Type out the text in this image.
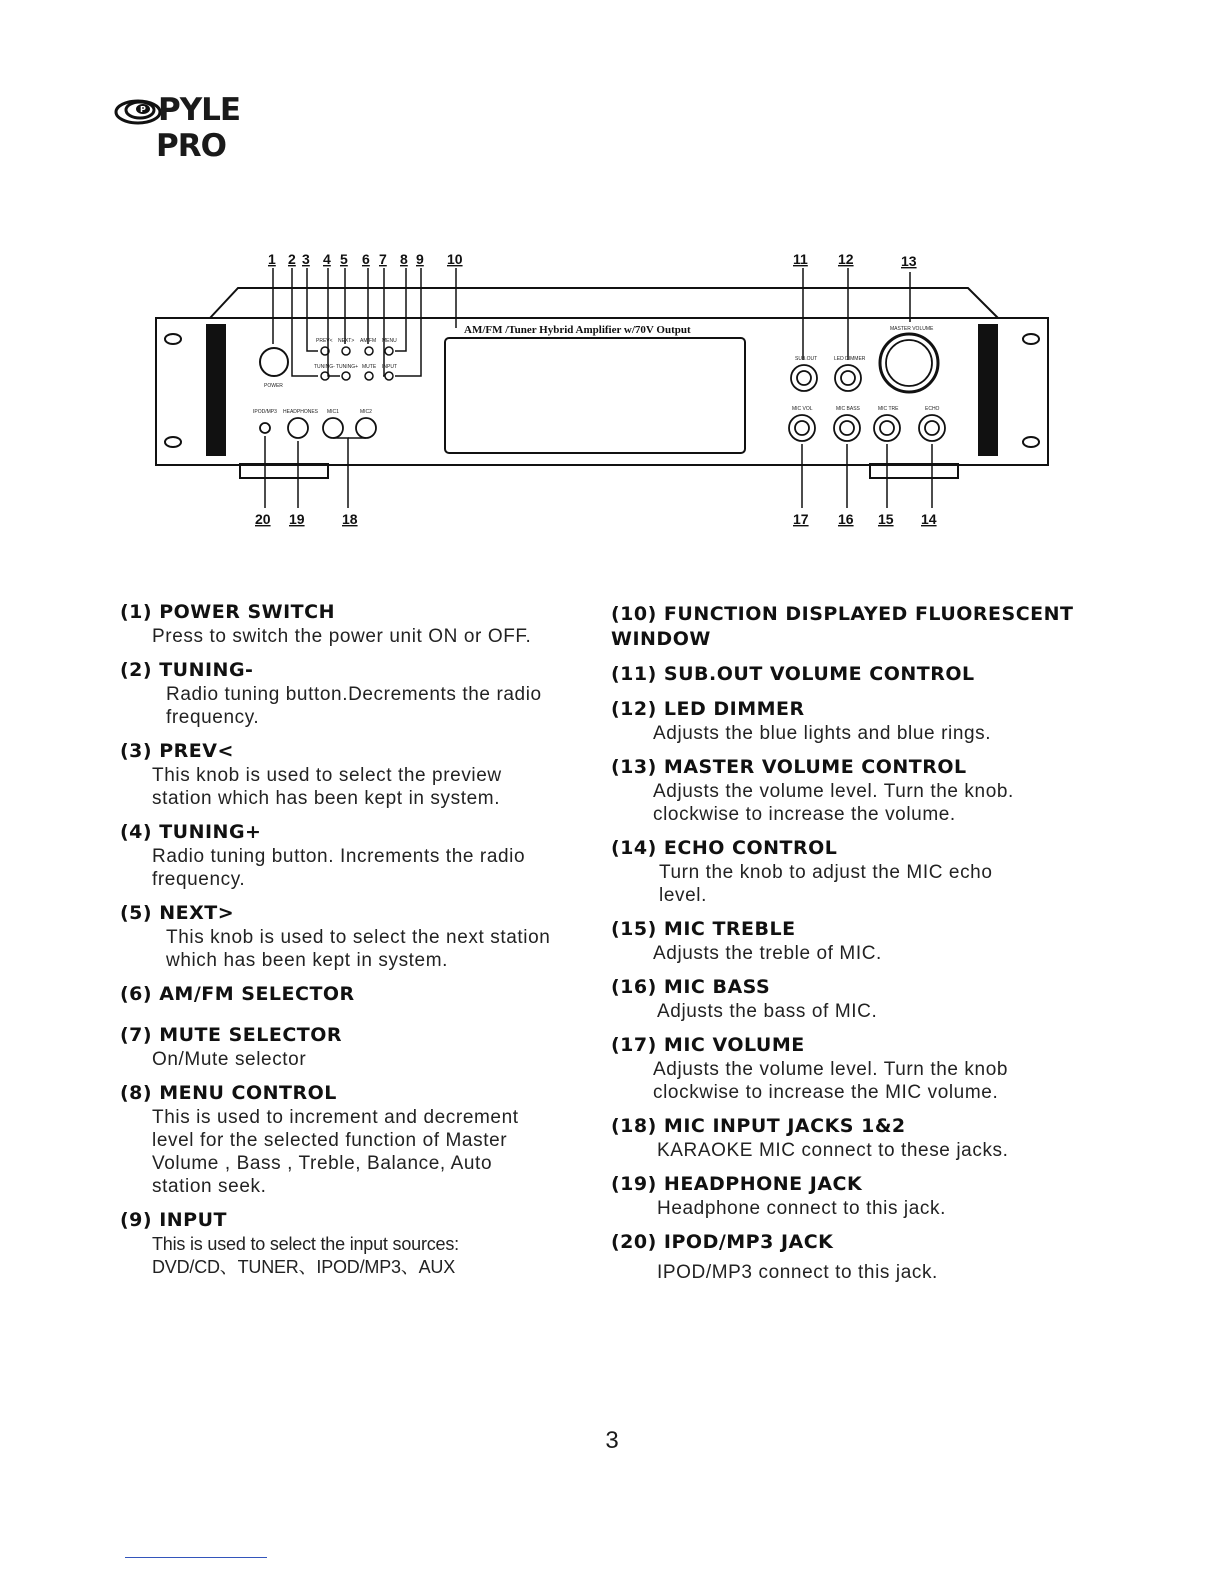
P PYLE
PRO
1 2 3 4 5 6 7 8 9 10	11 12	13
AM/FM /Tuner Hybrid Amplifier w/70V Output
POWER
PREV< NEXT> AM/FM MENU
TUNING- TUNING+ MUTE INPUT
IPOD/MP3 HEADPHONES MIC1	MIC2
SUB.OUT	LED DIMMER
MASTER VOLUME
MIC VOL	MIC BASS	MIC TRE	ECHO
20 19	18	17 16 15 14
(1) POWER SWITCH
Press to switch the power unit ON or OFF.
(2) TUNING-
Radio tuning button.Decrements the radio
frequency.
(3) PREV<
This knob is used to select the preview
station which has been kept in system.
(4) TUNING+
Radio tuning button. Increments the radio
frequency.
(5) NEXT>
This knob is used to select the next station
which has been kept in system.
(6) AM/FM SELECTOR
(7) MUTE SELECTOR
On/Mute selector
(8) MENU CONTROL
This is used to increment and decrement
level for the selected function of Master
Volume , Bass , Treble, Balance, Auto
station seek.
(9) INPUT
This is used to select the input sources:
DVD/CD、TUNER、IPOD/MP3、AUX
(10) FUNCTION DISPLAYED FLUORESCENT
WINDOW
(11) SUB.OUT VOLUME CONTROL
(12) LED DIMMER
Adjusts the blue lights and blue rings.
(13) MASTER VOLUME CONTROL
Adjusts the volume level. Turn the knob.
clockwise to increase the volume.
(14) ECHO CONTROL
Turn the knob to adjust the MIC echo
level.
(15) MIC TREBLE
Adjusts the treble of MIC.
(16) MIC BASS
Adjusts the bass of MIC.
(17) MIC VOLUME
Adjusts the volume level. Turn the knob
clockwise to increase the MIC volume.
(18) MIC INPUT JACKS 1&2
KARAOKE MIC connect to these jacks.
(19) HEADPHONE JACK
Headphone connect to this jack.
(20) IPOD/MP3 JACK
IPOD/MP3 connect to this jack.
3
